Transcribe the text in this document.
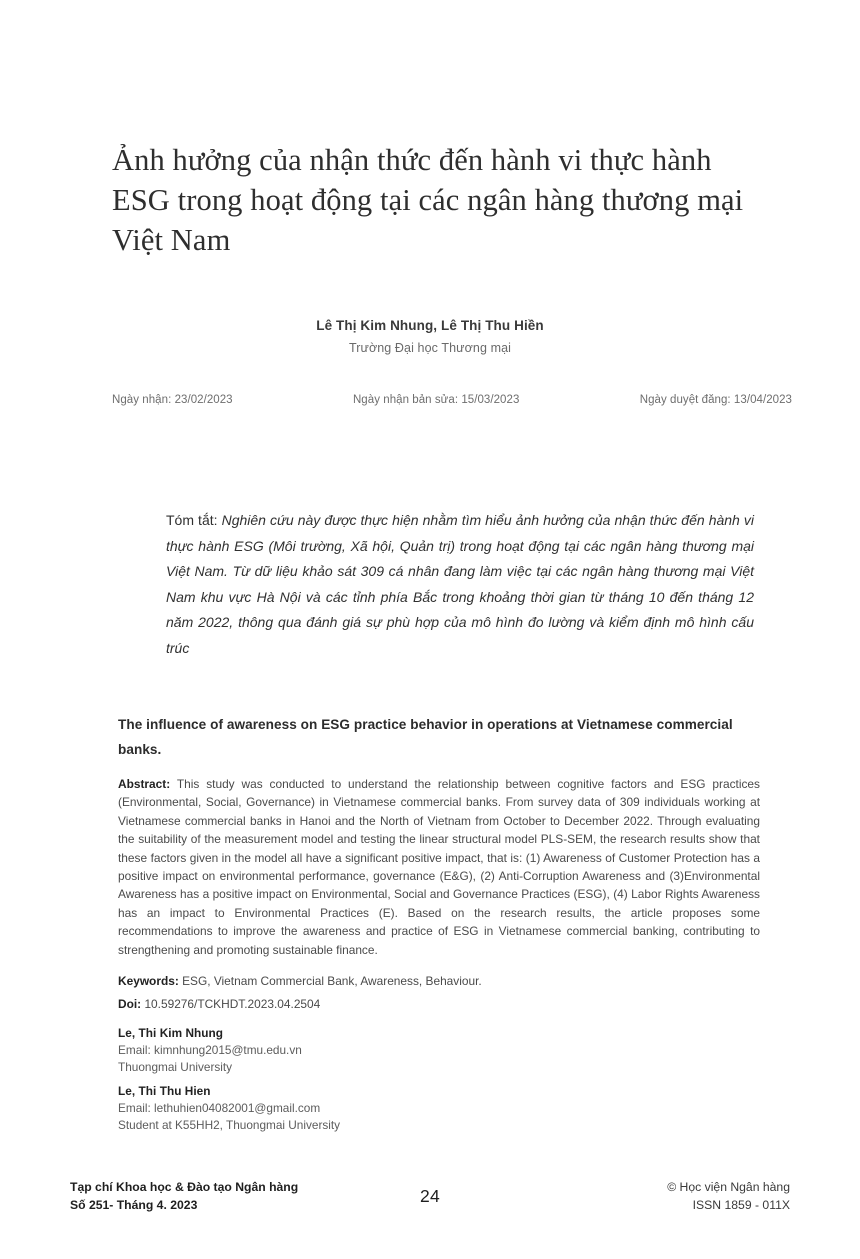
Ảnh hưởng của nhận thức đến hành vi thực hành
ESG trong hoạt động tại các ngân hàng thương mại
Việt Nam
Lê Thị Kim Nhung, Lê Thị Thu Hiền
Trường Đại học Thương mại
Ngày nhận: 23/02/2023	Ngày nhận bản sửa: 15/03/2023	Ngày duyệt đăng: 13/04/2023
Tóm tắt: Nghiên cứu này được thực hiện nhằm tìm hiểu ảnh hưởng của nhận thức đến hành vi thực hành ESG (Môi trường, Xã hội, Quản trị) trong hoạt động tại các ngân hàng thương mại Việt Nam. Từ dữ liệu khảo sát 309 cá nhân đang làm việc tại các ngân hàng thương mại Việt Nam khu vực Hà Nội và các tỉnh phía Bắc trong khoảng thời gian từ tháng 10 đến tháng 12 năm 2022, thông qua đánh giá sự phù hợp của mô hình đo lường và kiểm định mô hình cấu trúc
The influence of awareness on ESG practice behavior in operations at Vietnamese commercial banks.
Abstract: This study was conducted to understand the relationship between cognitive factors and ESG practices (Environmental, Social, Governance) in Vietnamese commercial banks. From survey data of 309 individuals working at Vietnamese commercial banks in Hanoi and the North of Vietnam from October to December 2022. Through evaluating the suitability of the measurement model and testing the linear structural model PLS-SEM, the research results show that these factors given in the model all have a significant positive impact, that is: (1) Awareness of Customer Protection has a positive impact on environmental performance, governance (E&G), (2) Anti-Corruption Awareness and (3)Environmental Awareness has a positive impact on Environmental, Social and Governance Practices (ESG), (4) Labor Rights Awareness has an impact to Environmental Practices (E). Based on the research results, the article proposes some recommendations to improve the awareness and practice of ESG in Vietnamese commercial banking, contributing to strengthening and promoting sustainable finance.
Keywords: ESG, Vietnam Commercial Bank, Awareness, Behaviour.
Doi: 10.59276/TCKHDT.2023.04.2504
Le, Thi Kim Nhung
Email: kimnhung2015@tmu.edu.vn
Thuongmai University
Le, Thi Thu Hien
Email: lethuhien04082001@gmail.com
Student at K55HH2, Thuongmai University
Tạp chí Khoa học & Đào tạo Ngân hàng
Số 251- Tháng 4. 2023
© Học viện Ngân hàng
ISSN 1859 - 011X
24
